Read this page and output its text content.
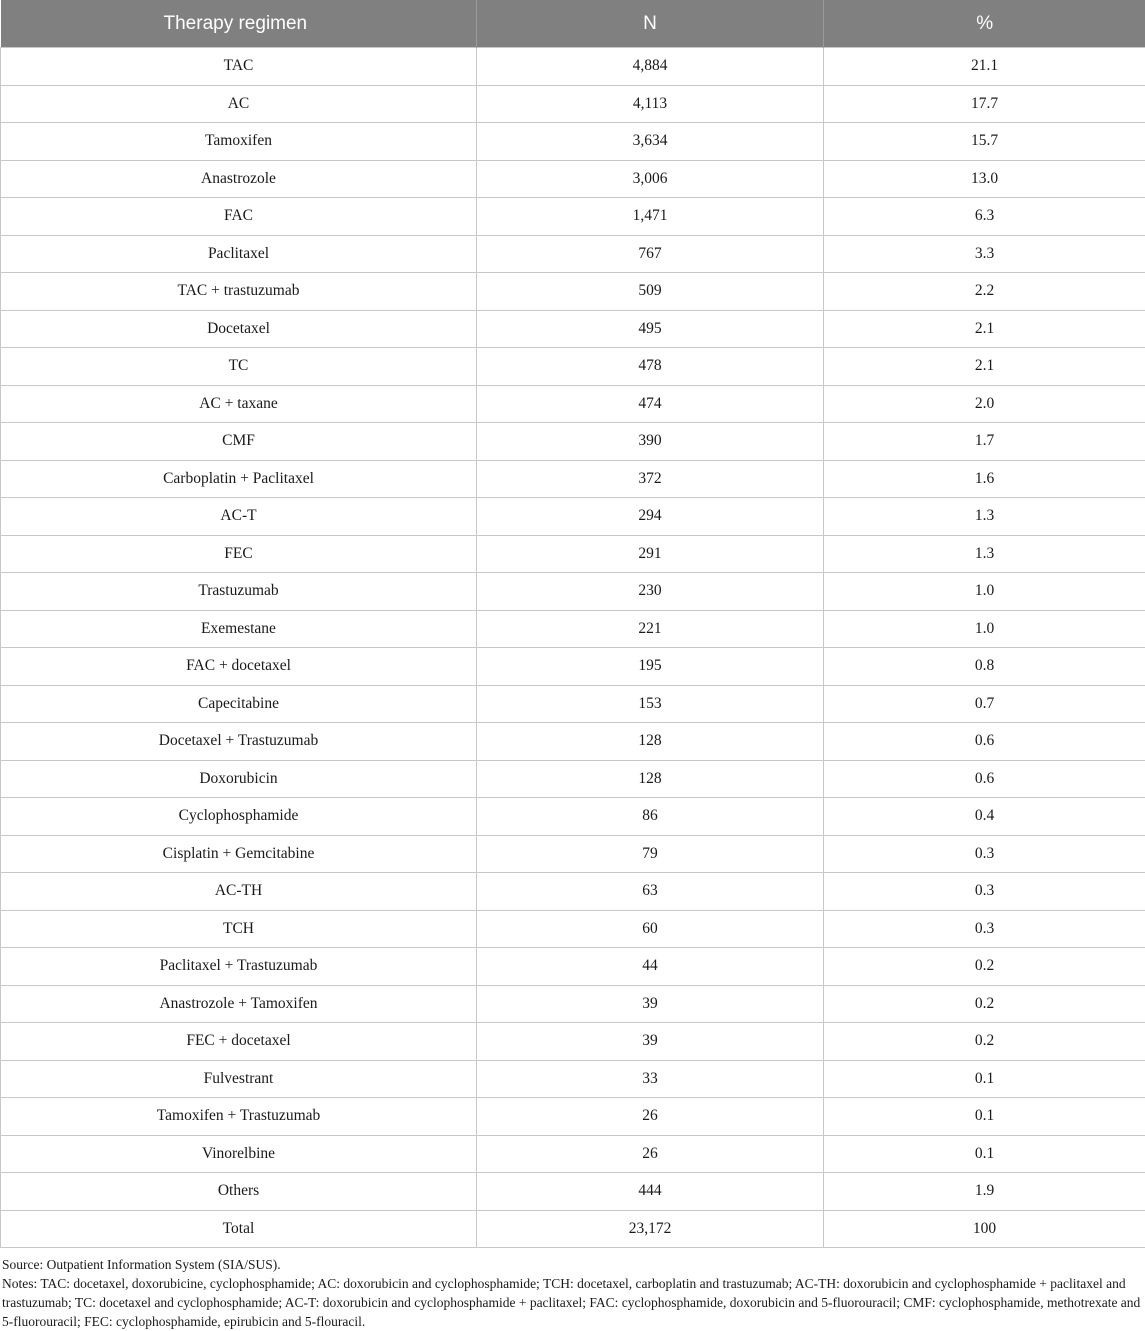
Therapy regimen	N	%
TAC	4,884	21.1
AC	4,113	17.7
Tamoxifen	3,634	15.7
Anastrozole	3,006	13.0
FAC	1,471	6.3
Paclitaxel	767	3.3
TAC + trastuzumab	509	2.2
Docetaxel	495	2.1
TC	478	2.1
AC + taxane	474	2.0
CMF	390	1.7
Carboplatin + Paclitaxel	372	1.6
AC-T	294	1.3
FEC	291	1.3
Trastuzumab	230	1.0
Exemestane	221	1.0
FAC + docetaxel	195	0.8
Capecitabine	153	0.7
Docetaxel + Trastuzumab	128	0.6
Doxorubicin	128	0.6
Cyclophosphamide	86	0.4
Cisplatin + Gemcitabine	79	0.3
AC-TH	63	0.3
TCH	60	0.3
Paclitaxel + Trastuzumab	44	0.2
Anastrozole + Tamoxifen	39	0.2
FEC + docetaxel	39	0.2
Fulvestrant	33	0.1
Tamoxifen + Trastuzumab	26	0.1
Vinorelbine	26	0.1
Others	444	1.9
Total	23,172	100

Source: Outpatient Information System (SIA/SUS).

Notes: TAC: docetaxel, doxorubicine, cyclophosphamide; AC: doxorubicin and cyclophosphamide; TCH: docetaxel, carboplatin and trastuzumab; AC-TH: doxorubicin and cyclophosphamide + paclitaxel and trastuzumab; TC: docetaxel and cyclophosphamide; AC-T: doxorubicin and cyclophosphamide + paclitaxel; FAC: cyclophosphamide, doxorubicin and 5-fluorouracil; CMF: cyclophosphamide, methotrexate and 5-fluorouracil; FEC: cyclophosphamide, epirubicin and 5-flouracil.
